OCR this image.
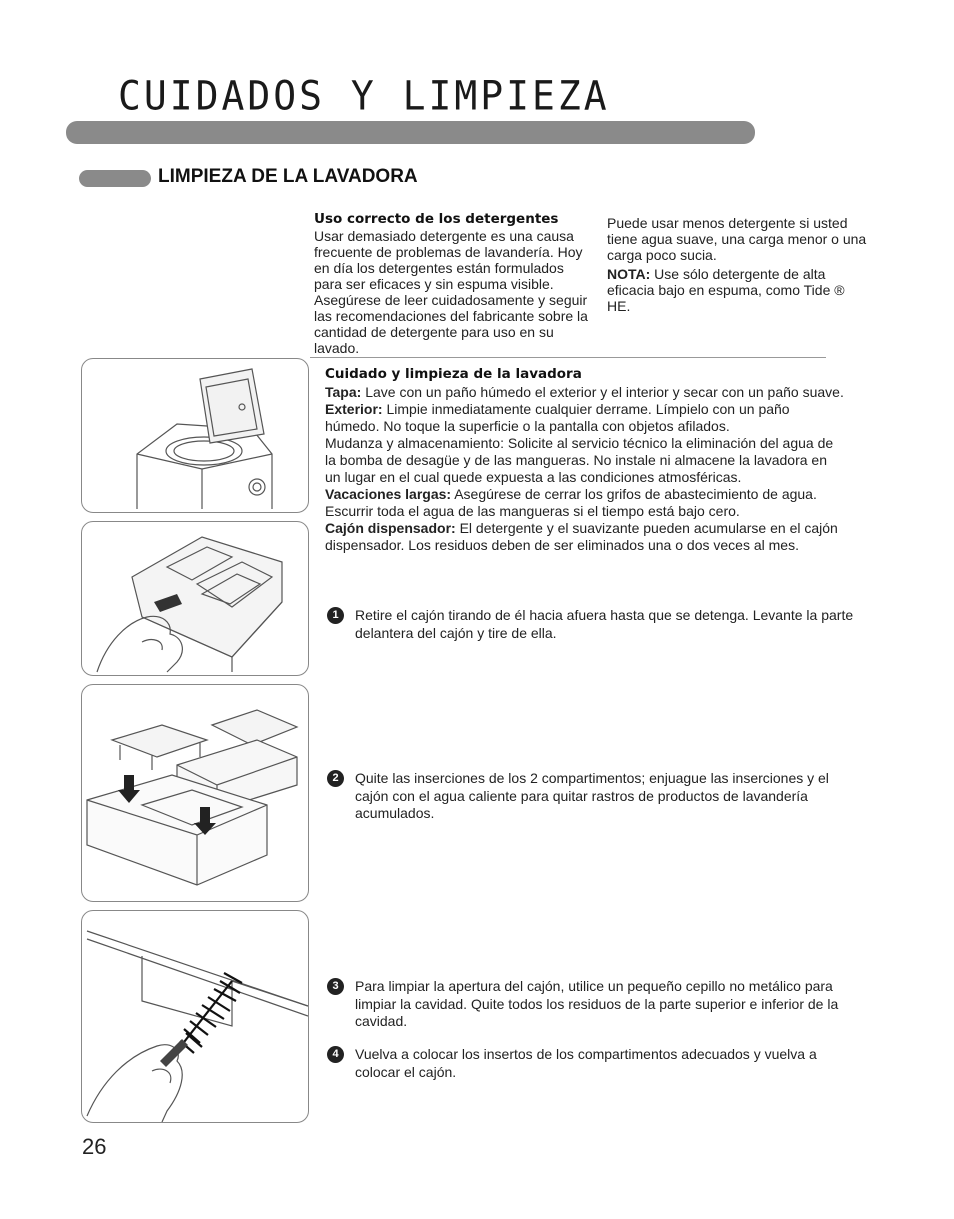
CUIDADOS Y LIMPIEZA
LIMPIEZA DE LA LAVADORA
Uso correcto de los detergentes

Usar demasiado detergente es una causa frecuente de problemas de lavandería. Hoy en día los detergentes están formulados para ser eficaces y sin espuma visible. Asegúrese de leer cuidadosamente y seguir las recomendaciones del fabricante sobre la cantidad de detergente para uso en su lavado.

Puede usar menos detergente si usted tiene agua suave, una carga menor o una carga poco sucia.

NOTA: Use sólo detergente de alta eficacia bajo en espuma, como Tide ® HE.

Cuidado y limpieza de la lavadora

Tapa: Lave con un paño húmedo el exterior y el interior y secar con un paño suave.

Exterior: Limpie inmediatamente cualquier derrame. Límpielo con un paño húmedo. No toque la superficie o la pantalla con objetos afilados.

Mudanza y almacenamiento: Solicite al servicio técnico la eliminación del agua de la bomba de desagüe y de las mangueras. No instale ni almacene la lavadora en un lugar en el cual quede expuesta a las condiciones atmosféricas.

Vacaciones largas: Asegúrese de cerrar los grifos de abastecimiento de agua. Escurrir toda el agua de las mangueras si el tiempo está bajo cero.

Cajón dispensador: El detergente y el suavizante pueden acumularse en el cajón dispensador. Los residuos deben de ser eliminados una o dos veces al mes.

1	Retire el cajón tirando de él hacia afuera hasta que se detenga. Levante la parte delantera del cajón y tire de ella.
2	Quite las inserciones de los 2 compartimentos; enjuague las inserciones y el cajón con el agua caliente para quitar rastros de productos de lavandería acumulados.
3	Para limpiar la apertura del cajón, utilice un pequeño cepillo no metálico para limpiar la cavidad. Quite todos los residuos de la parte superior e inferior de la cavidad.
4	Vuelva a colocar los insertos de los compartimentos adecuados y vuelva a colocar el cajón.
26
